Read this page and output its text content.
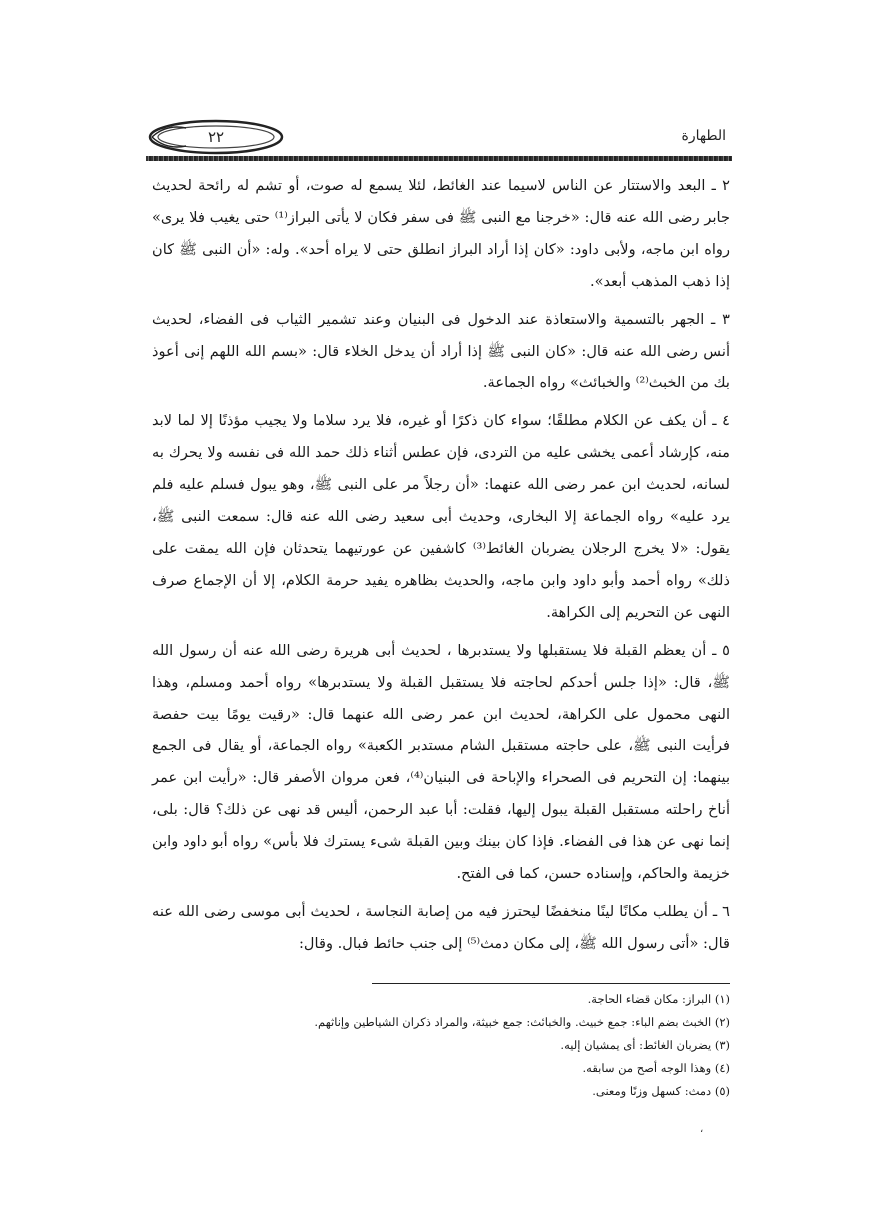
٢٢	الطهارة

٢ ـ البعد والاستتار عن الناس لاسيما عند الغائط، لئلا يسمع له صوت، أو تشم له رائحة لحديث جابر رضى الله عنه قال: «خرجنا مع النبى ﷺ فى سفر فكان لا يأتى البراز⁽¹⁾ حتى يغيب فلا يرى» رواه ابن ماجه، ولأبى داود: «كان إذا أراد البراز انطلق حتى لا يراه أحد». وله: «أن النبى ﷺ كان إذا ذهب المذهب أبعد».

٣ ـ الجهر بالتسمية والاستعاذة عند الدخول فى البنيان وعند تشمير الثياب فى الفضاء، لحديث أنس رضى الله عنه قال: «كان النبى ﷺ إذا أراد أن يدخل الخلاء قال: «بسم الله اللهم إنى أعوذ بك من الخبث⁽²⁾ والخبائث» رواه الجماعة.

٤ ـ أن يكف عن الكلام مطلقًا؛ سواء كان ذكرًا أو غيره، فلا يرد سلاما ولا يجيب مؤذنًا إلا لما لابد منه، كإرشاد أعمى يخشى عليه من التردى، فإن عطس أثناء ذلك حمد الله فى نفسه ولا يحرك به لسانه، لحديث ابن عمر رضى الله عنهما: «أن رجلاً مر على النبى ﷺ، وهو يبول فسلم عليه فلم يرد عليه» رواه الجماعة إلا البخارى، وحديث أبى سعيد رضى الله عنه قال: سمعت النبى ﷺ، يقول: «لا يخرج الرجلان يضربان الغائط⁽³⁾ كاشفين عن عورتيهما يتحدثان فإن الله يمقت على ذلك» رواه أحمد وأبو داود وابن ماجه، والحديث بظاهره يفيد حرمة الكلام، إلا أن الإجماع صرف النهى عن التحريم إلى الكراهة.

٥ ـ أن يعظم القبلة فلا يستقبلها ولا يستدبرها ، لحديث أبى هريرة رضى الله عنه أن رسول الله ﷺ، قال: «إذا جلس أحدكم لحاجته فلا يستقبل القبلة ولا يستدبرها» رواه أحمد ومسلم، وهذا النهى محمول على الكراهة، لحديث ابن عمر رضى الله عنهما قال: «رقيت يومًا بيت حفصة فرأيت النبى ﷺ، على حاجته مستقبل الشام مستدبر الكعبة» رواه الجماعة، أو يقال فى الجمع بينهما: إن التحريم فى الصحراء والإباحة فى البنيان⁽⁴⁾، فعن مروان الأصفر قال: «رأيت ابن عمر أناخ راحلته مستقبل القبلة يبول إليها، فقلت: أبا عبد الرحمن، أليس قد نهى عن ذلك؟ قال: بلى، إنما نهى عن هذا فى الفضاء. فإذا كان بينك وبين القبلة شىء يسترك فلا بأس» رواه أبو داود وابن خزيمة والحاكم، وإسناده حسن، كما فى الفتح.

٦ ـ أن يطلب مكانًا لينًا منخفضًا ليحترز فيه من إصابة النجاسة ، لحديث أبى موسى رضى الله عنه قال: «أتى رسول الله ﷺ، إلى مكان دمث⁽⁵⁾ إلى جنب حائط فبال. وقال:

(١) البراز: مكان قضاء الحاجة.
(٢) الخبث بضم الباء: جمع خبيث. والخبائث: جمع خبيثة، والمراد ذكران الشياطين وإناثهم.
(٣) يضربان الغائط: أى يمشيان إليه.
(٤) وهذا الوجه أصح من سابقه.
(٥) دمث: كسهل وزنًا ومعنى.
،
